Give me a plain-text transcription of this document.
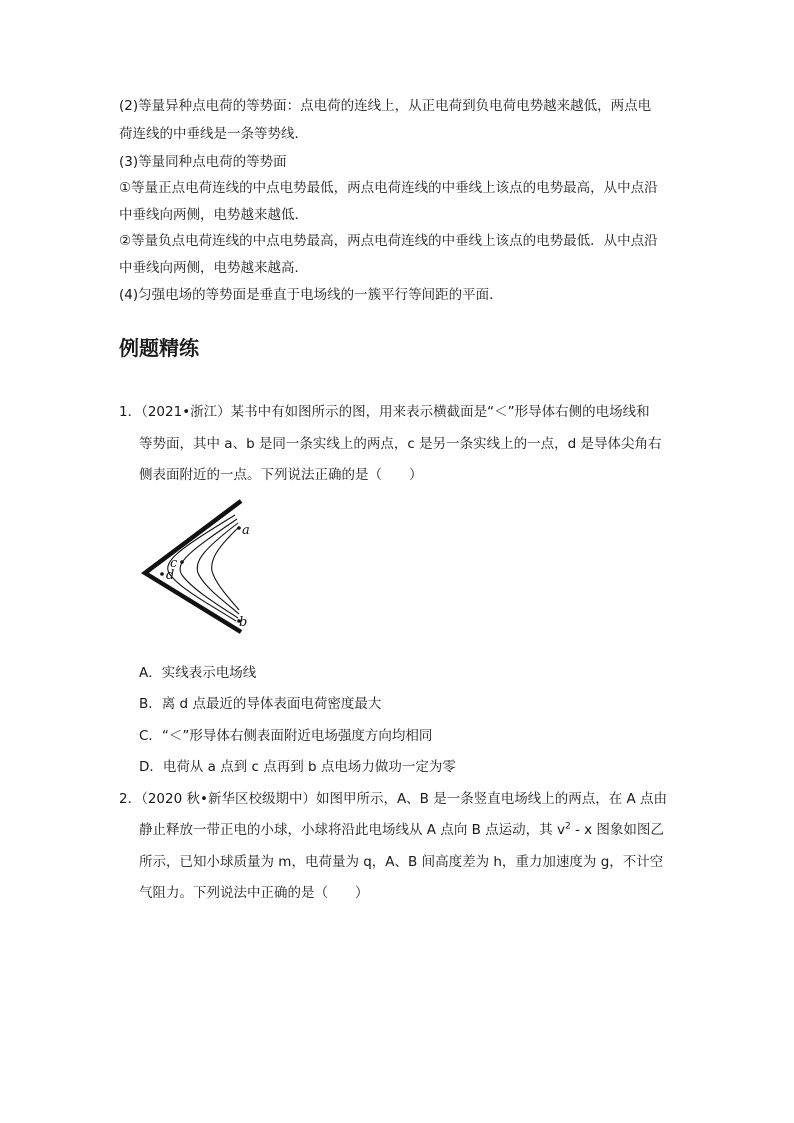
(2)等量异种点电荷的等势面：点电荷的连线上，从正电荷到负电荷电势越来越低，两点电
荷连线的中垂线是一条等势线．
(3)等量同种点电荷的等势面
①等量正点电荷连线的中点电势最低，两点电荷连线的中垂线上该点的电势最高，从中点沿
中垂线向两侧，电势越来越低．
②等量负点电荷连线的中点电势最高，两点电荷连线的中垂线上该点的电势最低．从中点沿
中垂线向两侧，电势越来越高．
(4)匀强电场的等势面是垂直于电场线的一簇平行等间距的平面．
例题精练
1．（2021•浙江）某书中有如图所示的图，用来表示横截面是“＜”形导体右侧的电场线和
等势面，其中 a、b 是同一条实线上的两点，c 是另一条实线上的一点，d 是导体尖角右
侧表面附近的一点。下列说法正确的是（　　）
a
b
c
d
A．实线表示电场线
B．离 d 点最近的导体表面电荷密度最大
C．“＜”形导体右侧表面附近电场强度方向均相同
D．电荷从 a 点到 c 点再到 b 点电场力做功一定为零
2．（2020 秋•新华区校级期中）如图甲所示，A、B 是一条竖直电场线上的两点，在 A 点由
静止释放一带正电的小球，小球将沿此电场线从 A 点向 B 点运动，其 $v^2$ - x 图象如图乙
所示，已知小球质量为 m，电荷量为 q，A、B 间高度差为 h，重力加速度为 g，不计空
气阻力。下列说法中正确的是（　　）
